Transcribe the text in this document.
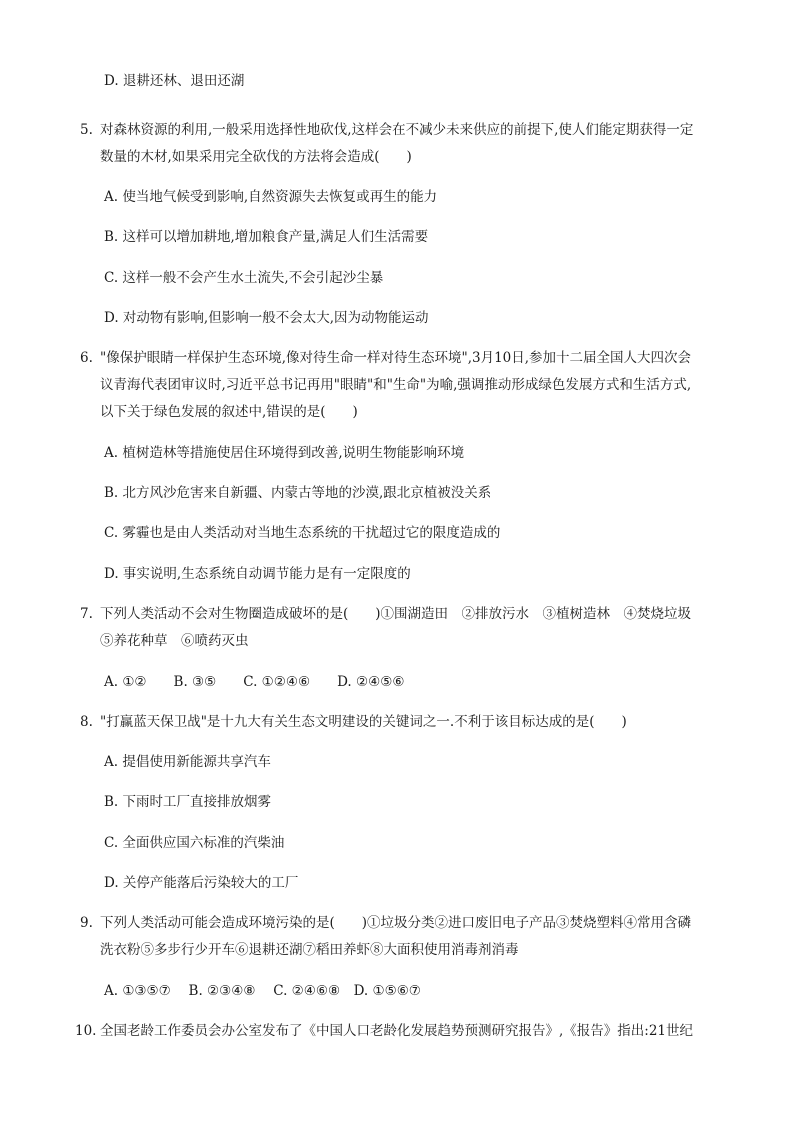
D. 退耕还林、退田还湖
5. 对森林资源的利用,一般采用选择性地砍伐,这样会在不减少未来供应的前提下,使人们能定期获得一定
数量的木材,如果采用完全砍伐的方法将会造成(　　)
A. 使当地气候受到影响,自然资源失去恢复或再生的能力
B. 这样可以增加耕地,增加粮食产量,满足人们生活需要
C. 这样一般不会产生水土流失,不会引起沙尘暴
D. 对动物有影响,但影响一般不会太大,因为动物能运动
6. "像保护眼睛一样保护生态环境,像对待生命一样对待生态环境",3月10日,参加十二届全国人大四次会
议青海代表团审议时,习近平总书记再用"眼睛"和"生命"为喻,强调推动形成绿色发展方式和生活方式,
以下关于绿色发展的叙述中,错误的是(　　)
A. 植树造林等措施使居住环境得到改善,说明生物能影响环境
B. 北方风沙危害来自新疆、内蒙古等地的沙漠,跟北京植被没关系
C. 雾霾也是由人类活动对当地生态系统的干扰超过它的限度造成的
D. 事实说明,生态系统自动调节能力是有一定限度的
7. 下列人类活动不会对生物圈造成破坏的是(　　)①围湖造田　②排放污水　③植树造林　④焚烧垃圾
⑤养花种草　⑥喷药灭虫
A. ①②　　B. ③⑤　　C. ①②④⑥　　D. ②④⑤⑥
8. "打赢蓝天保卫战"是十九大有关生态文明建设的关键词之一.不利于该目标达成的是(　　)
A. 提倡使用新能源共享汽车
B. 下雨时工厂直接排放烟雾
C. 全面供应国六标准的汽柴油
D. 关停产能落后污染较大的工厂
9. 下列人类活动可能会造成环境污染的是(　　)①垃圾分类②进口废旧电子产品③焚烧塑料④常用含磷
洗衣粉⑤多步行少开车⑥退耕还湖⑦稻田养虾⑧大面积使用消毒剂消毒
A. ①③⑤⑦　 B. ②③④⑧　 C. ②④⑥⑧　D. ①⑤⑥⑦
10. 全国老龄工作委员会办公室发布了《中国人口老龄化发展趋势预测研究报告》,《报告》指出:21世纪
